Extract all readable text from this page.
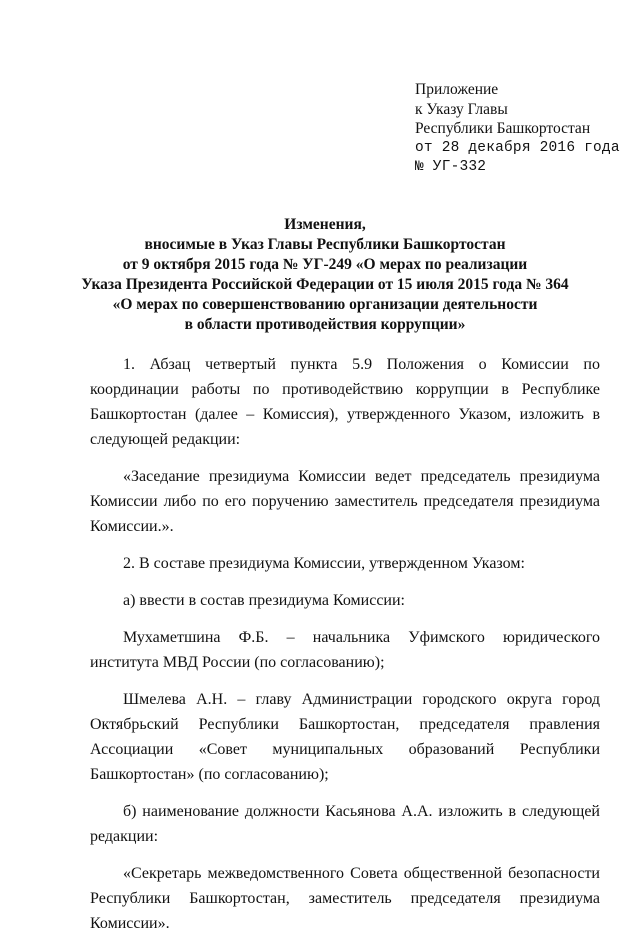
Приложение
к Указу Главы
Республики Башкортостан
от 28 декабря 2016 года
№ УГ-332
Изменения,
вносимые в Указ Главы Республики Башкортостан
от 9 октября 2015 года № УГ-249 «О мерах по реализации
Указа Президента Российской Федерации от 15 июля 2015 года № 364
«О мерах по совершенствованию организации деятельности
в области противодействия коррупции»

1. Абзац четвертый пункта 5.9 Положения о Комиссии по координации работы по противодействию коррупции в Республике Башкортостан (далее – Комиссия), утвержденного Указом, изложить в следующей редакции:

«Заседание президиума Комиссии ведет председатель президиума Комиссии либо по его поручению заместитель председателя президиума Комиссии.».

2. В составе президиума Комиссии, утвержденном Указом:

а) ввести в состав президиума Комиссии:

Мухаметшина Ф.Б. – начальника Уфимского юридического института МВД России (по согласованию);

Шмелева А.Н. – главу Администрации городского округа город Октябрьский Республики Башкортостан, председателя правления Ассоциации «Совет муниципальных образований Республики Башкортостан» (по согласованию);

б) наименование должности Касьянова А.А. изложить в следующей редакции:

«Секретарь межведомственного Совета общественной безопасности Республики Башкортостан, заместитель председателя президиума Комиссии».
